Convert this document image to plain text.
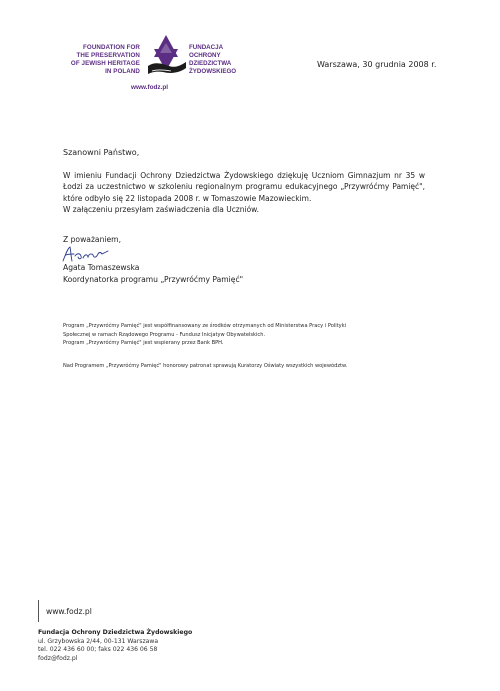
FOUNDATION FOR
THE PRESERVATION
OF JEWISH HERITAGE
IN POLAND
FUNDACJA
OCHRONY
DZIEDZICTWA
ŻYDOWSKIEGO
www.fodz.pl
Warszawa, 30 grudnia 2008 r.
Szanowni Państwo,

W imieniu Fundacji Ochrony Dziedzictwa Żydowskiego dziękuję Uczniom Gimnazjum nr 35 w Łodzi za uczestnictwo w szkoleniu regionalnym programu edukacyjnego „Przywróćmy Pamięć", które odbyło się 22 listopada 2008 r. w Tomaszowie Mazowieckim.

W załączeniu przesyłam zaświadczenia dla Uczniów.

Z poważaniem,
Agata Tomaszewska
Koordynatorka programu „Przywróćmy Pamięć"

Program „Przywróćmy Pamięć" jest współfinansowany ze środków otrzymanych od Ministerstwa Pracy i Polityki

Społecznej w ramach Rządowego Programu - Fundusz Inicjatyw Obywatelskich.

Program „Przywróćmy Pamięć" jest wspierany przez Bank BPH.

Nad Programem „Przywróćmy Pamięć" honorowy patronat sprawują Kuratorzy Oświaty wszystkich województw.
www.fodz.pl
Fundacja Ochrony Dziedzictwa Żydowskiego
ul. Grzybowska 2/44, 00-131 Warszawa
tel. 022 436 60 00; faks 022 436 06 58
fodz@fodz.pl
